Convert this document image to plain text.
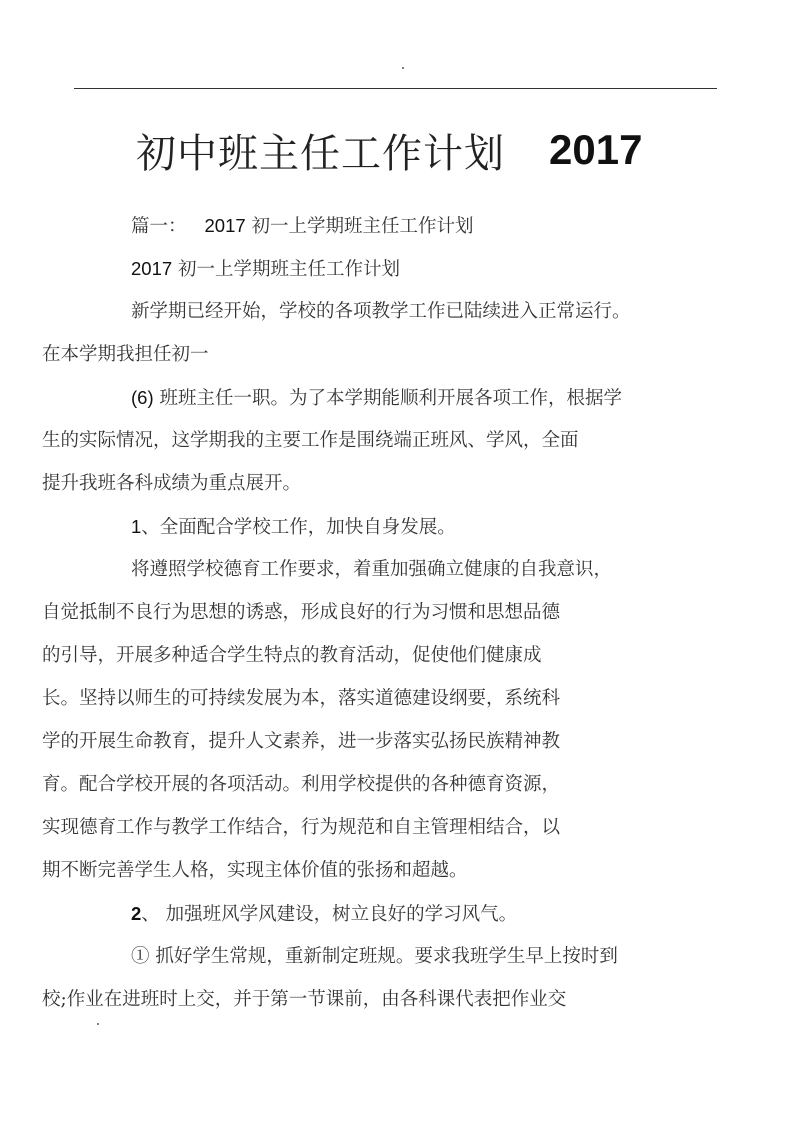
初中班主任工作计划 2017
篇一： 2017 初一上学期班主任工作计划
2017 初一上学期班主任工作计划
新学期已经开始，学校的各项教学工作已陆续进入正常运行。
在本学期我担任初一
(6) 班班主任一职。为了本学期能顺利开展各项工作，根据学
生的实际情况，这学期我的主要工作是围绕端正班风、学风，全面
提升我班各科成绩为重点展开。
1、全面配合学校工作，加快自身发展。
将遵照学校德育工作要求，着重加强确立健康的自我意识，
自觉抵制不良行为思想的诱惑，形成良好的行为习惯和思想品德
的引导，开展多种适合学生特点的教育活动，促使他们健康成
长。坚持以师生的可持续发展为本，落实道德建设纲要，系统科
学的开展生命教育，提升人文素养，进一步落实弘扬民族精神教
育。配合学校开展的各项活动。利用学校提供的各种德育资源，
实现德育工作与教学工作结合，行为规范和自主管理相结合，以
期不断完善学生人格，实现主体价值的张扬和超越。
2、 加强班风学风建设，树立良好的学习风气。
① 抓好学生常规，重新制定班规。要求我班学生早上按时到
校;作业在进班时上交，并于第一节课前，由各科课代表把作业交
